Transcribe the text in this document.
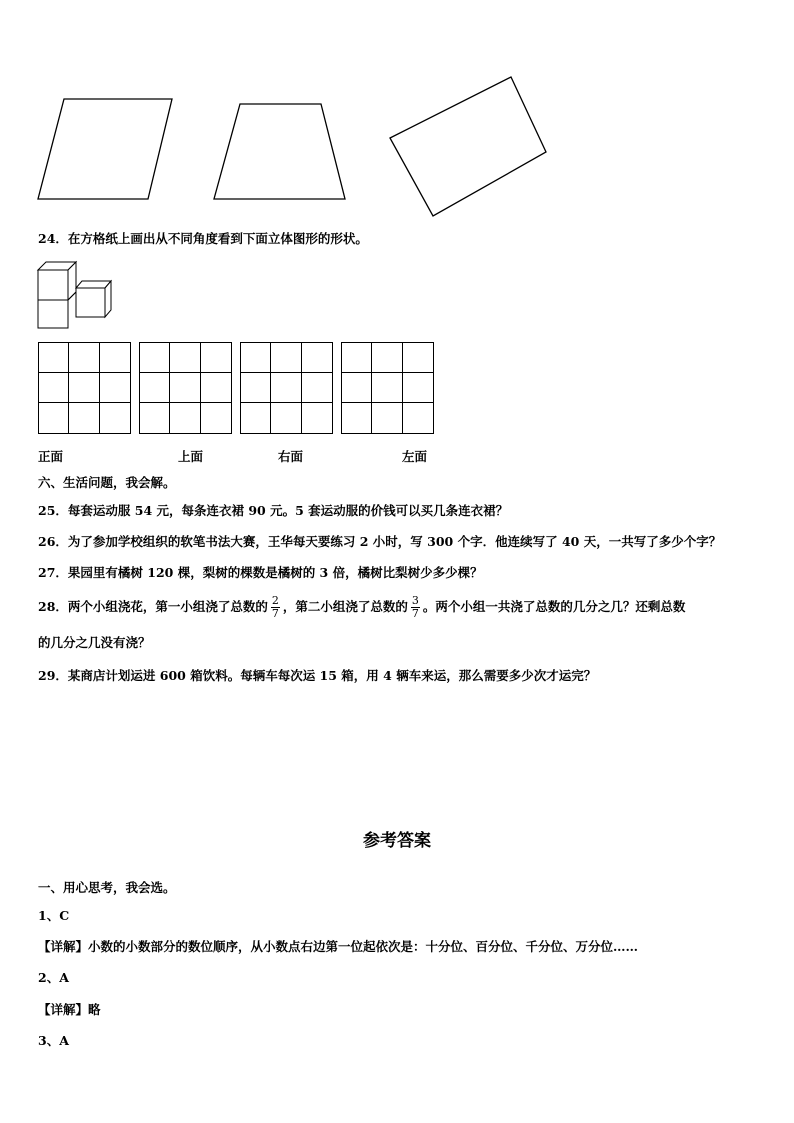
24．在方格纸上画出从不同角度看到下面立体图形的形状。
正面	上面	右面	左面
六、生活问题，我会解。
25．每套运动服 54 元，每条连衣裙 90 元。5 套运动服的价钱可以买几条连衣裙？
26．为了参加学校组织的软笔书法大赛，王华每天要练习 2 小时，写 300 个字．他连续写了 40 天，一共写了多少个字？
27．果园里有橘树 120 棵，梨树的棵数是橘树的 3 倍，橘树比梨树少多少棵？
28．两个小组浇花，第一小组浇了总数的 $\frac{2}{7}$ ，第二小组浇了总数的 $\frac{3}{7}$ 。两个小组一共浇了总数的几分之几？还剩总数
的几分之几没有浇？
29．某商店计划运进 600 箱饮料。每辆车每次运 15 箱，用 4 辆车来运，那么需要多少次才运完？
参考答案
一、用心思考，我会选。
1、C
【详解】小数的小数部分的数位顺序，从小数点右边第一位起依次是：十分位、百分位、千分位、万分位……
2、A
【详解】略
3、A
